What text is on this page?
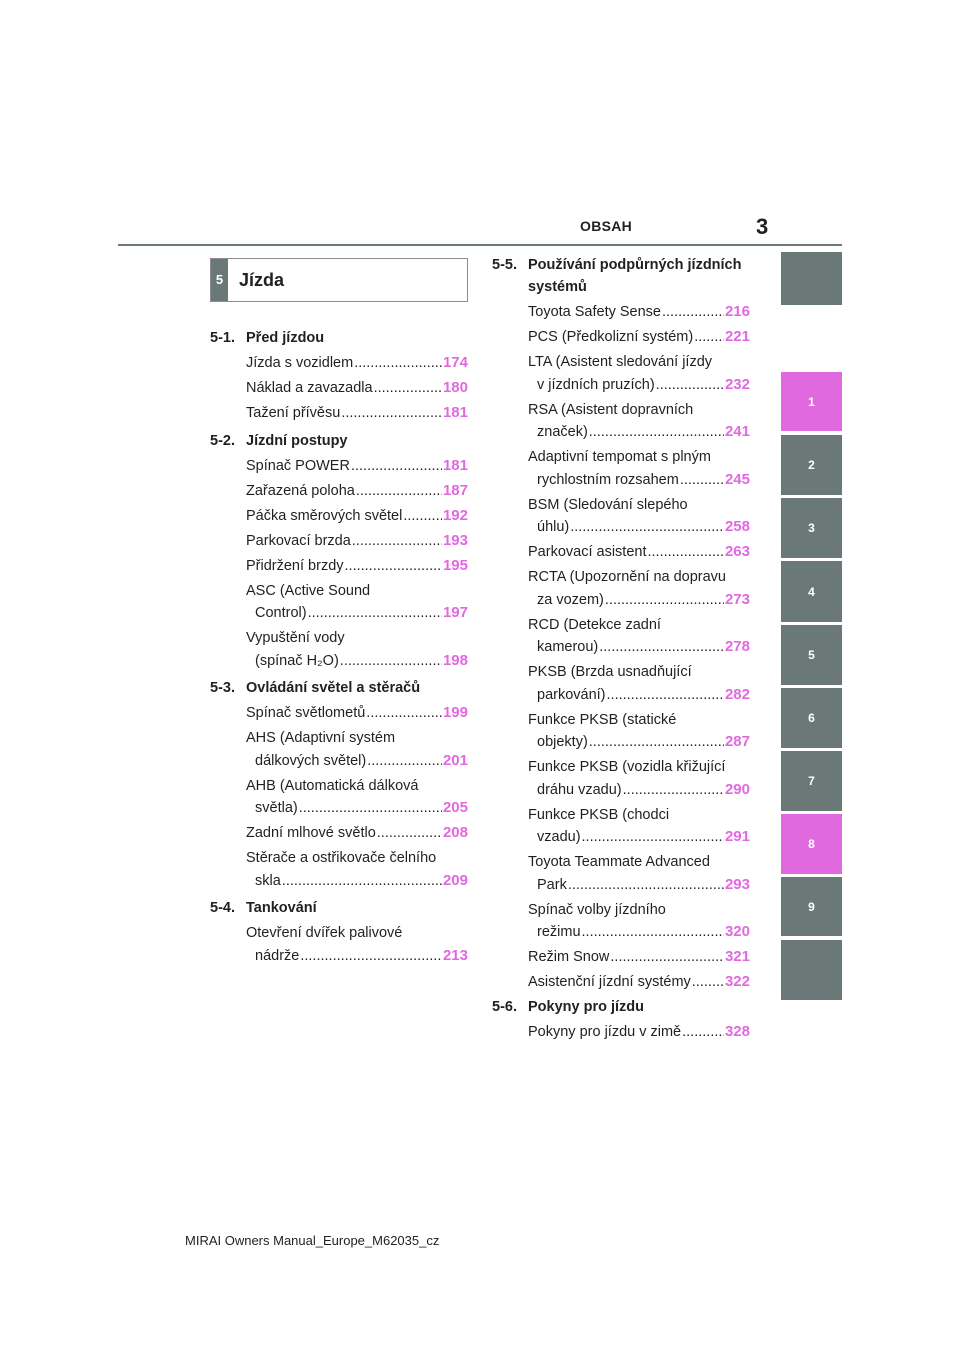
OBSAH	3
5 Jízda
5-1. Před jízdou
Jízda s vozidlem .....	174
Náklad a zavazadla .....	180
Tažení přívěsu .....	181
5-2. Jízdní postupy
Spínač POWER .....	181
Zařazená poloha .....	187
Páčka směrových světel .....	192
Parkovací brzda .....	193
Přidržení brzdy .....	195
ASC (Active Sound
Control) .....	197
Vypuštění vody
(spínač H₂O) .....	198
5-3. Ovládání světel a stěračů
Spínač světlometů .....	199
AHS (Adaptivní systém
dálkových světel) .....	201
AHB (Automatická dálková
světla) .....	205
Zadní mlhové světlo .....	208
Stěrače a ostřikovače čelního
skla .....	209
5-4. Tankování
Otevření dvířek palivové
nádrže .....	213
5-5. Používání podpůrných jízdních systémů
Toyota Safety Sense .....	216
PCS (Předkolizní systém) ..... 221
LTA (Asistent sledování jízdy
v jízdních pruzích) .....	232
RSA (Asistent dopravních
značek) .....	241
Adaptivní tempomat s plným
rychlostním rozsahem .....	245
BSM (Sledování slepého
úhlu) .....	258
Parkovací asistent .....	263
RCTA (Upozornění na dopravu
za vozem) .....	273
RCD (Detekce zadní
kamerou) .....	278
PKSB (Brzda usnadňující
parkování) .....	282
Funkce PKSB (statické
objekty) .....	287
Funkce PKSB (vozidla křižující
dráhu vzadu) .....	290
Funkce PKSB (chodci
vzadu) .....	291
Toyota Teammate Advanced
Park .....	293
Spínač volby jízdního
režimu .....	320
Režim Snow .....	321
Asistenční jízdní systémy ..... 322
5-6. Pokyny pro jízdu
Pokyny pro jízdu v zimě .....	328
1
2
3
4
5
6
7
8
9
MIRAI Owners Manual_Europe_M62035_cz
